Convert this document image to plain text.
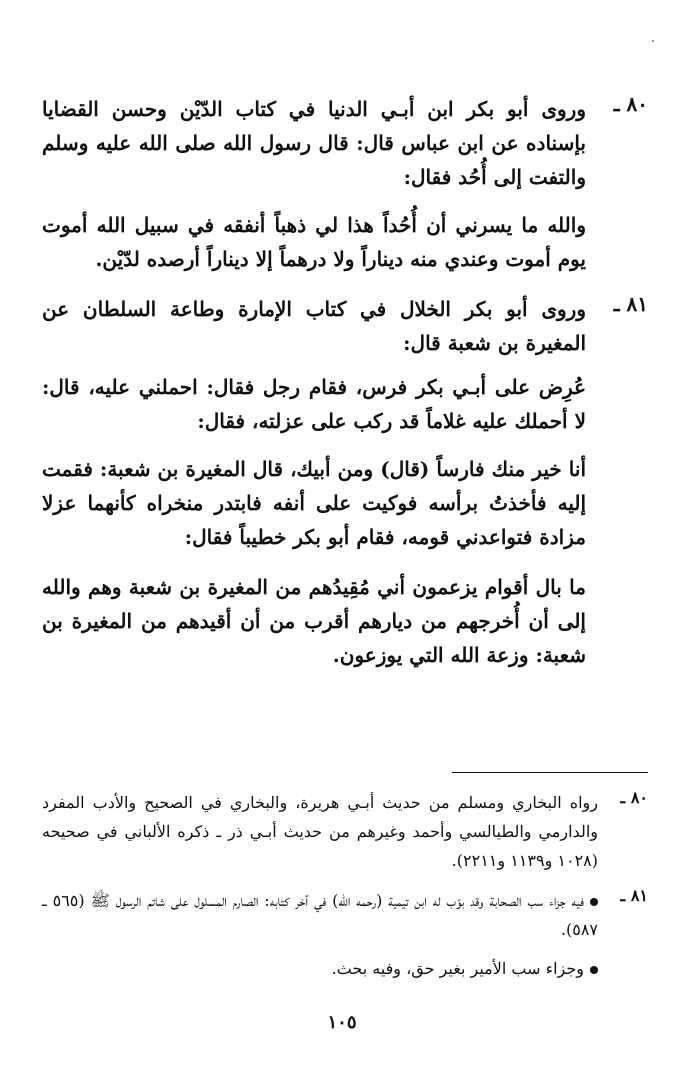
٨٠ ـ

وروى أبو بكر ابن أبـي الدنيا في كتاب الدّيْن وحسن القضايا بإسناده عن ابن عباس قال: قال رسول الله صلى الله عليه وسلم والتفت إلى أُحُد فقال:

والله ما يسرني أن أُحُداً هذا لي ذهباً أنفقه في سبيل الله أموت يوم أموت وعندي منه ديناراً ولا درهماً إلا ديناراً أرصده لدّيْن.

٨١ ـ

وروى أبو بكر الخلال في كتاب الإمارة وطاعة السلطان عن المغيرة بن شعبة قال:

عُرِض على أبـي بكر فرس، فقام رجل فقال: احملني عليه، قال: لا أحملك عليه غلاماً قد ركب على عزلته، فقال:

أنا خير منك فارساً (قال) ومن أبيك، قال المغيرة بن شعبة: فقمت إليه فأخذتُ برأسه فوكيت على أنفه فابتدر منخراه كأنهما عزلا مزادة فتواعدني قومه، فقام أبو بكر خطيباً فقال:

ما بال أقوام يزعمون أني مُقِيدُهم من المغيرة بن شعبة وهم والله إلى أن أُخرجهم من ديارهم أقرب من أن أقيدهم من المغيرة بن شعبة: وزعة الله التي يوزعون.

٨٠ ـ

رواه البخاري ومسلم من حديث أبـي هريرة، والبخاري في الصحيح والأدب المفرد والدارمي والطيالسي وأحمد وغيرهم من حديث أبـي ذر ـ ذكره الألباني في صحيحه (١٠٢٨ و١١٣٩ و٢٢١١).

٨١ ـ

فيه جزاء سب الصحابة وقد بوّب له ابن تيمية (رحمه الله) في آخر كتابه: الصارم المسلول على شاتم الرسول ﷺ (٥٦٥ ـ ٥٨٧).

وجزاء سب الأمير بغير حق، وفيه بحث.

١٠٥
